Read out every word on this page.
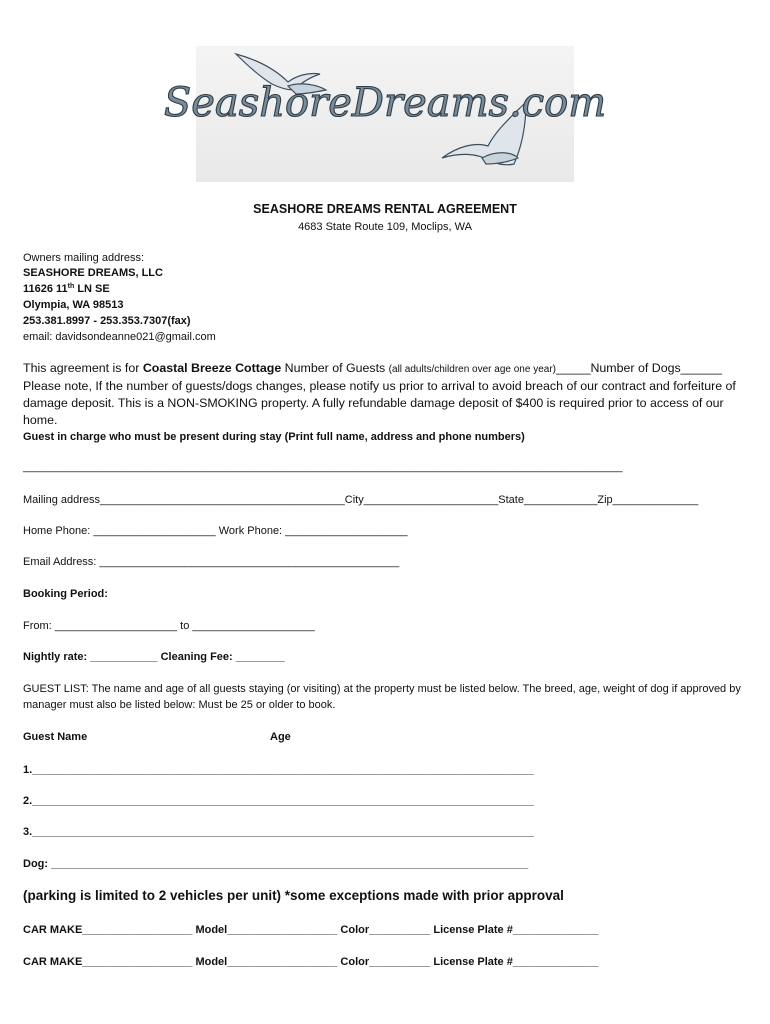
SeashoreDreams.com
SEASHORE DREAMS RENTAL AGREEMENT
4683 State Route 109, Moclips, WA
Owners mailing address:
SEASHORE DREAMS, LLC
11626 11th LN SE
Olympia, WA 98513
253.381.8997 - 253.353.7307(fax)
email: davidsondeanne021@gmail.com
This agreement is for Coastal Breeze Cottage Number of Guests (all adults/children over age one year)_____Number of Dogs______
Please note, If the number of guests/dogs changes, please notify us prior to arrival to avoid breach of our contract and forfeiture of damage deposit. This is a NON-SMOKING property. A fully refundable damage deposit of $400 is required prior to access of our home.
Guest in charge who must be present during stay (Print full name, address and phone numbers)
__________________________________________________________________________________________________
Mailing address________________________________________City______________________State____________Zip______________
Home Phone: ____________________ Work Phone: ____________________
Email Address: _________________________________________________
Booking Period:
From: ____________________ to ____________________
Nightly rate: ___________ Cleaning Fee: ________
GUEST LIST: The name and age of all guests staying (or visiting) at the property must be listed below. The breed, age, weight of dog if approved by manager must also be listed below: Must be 25 or older to book.
Guest Name	Age
1.__________________________________________________________________________________
2.__________________________________________________________________________________
3.__________________________________________________________________________________
Dog: ______________________________________________________________________________
(parking is limited to 2 vehicles per unit) *some exceptions made with prior approval
CAR MAKE__________________ Model__________________ Color__________ License Plate #______________
CAR MAKE__________________ Model__________________ Color__________ License Plate #______________
